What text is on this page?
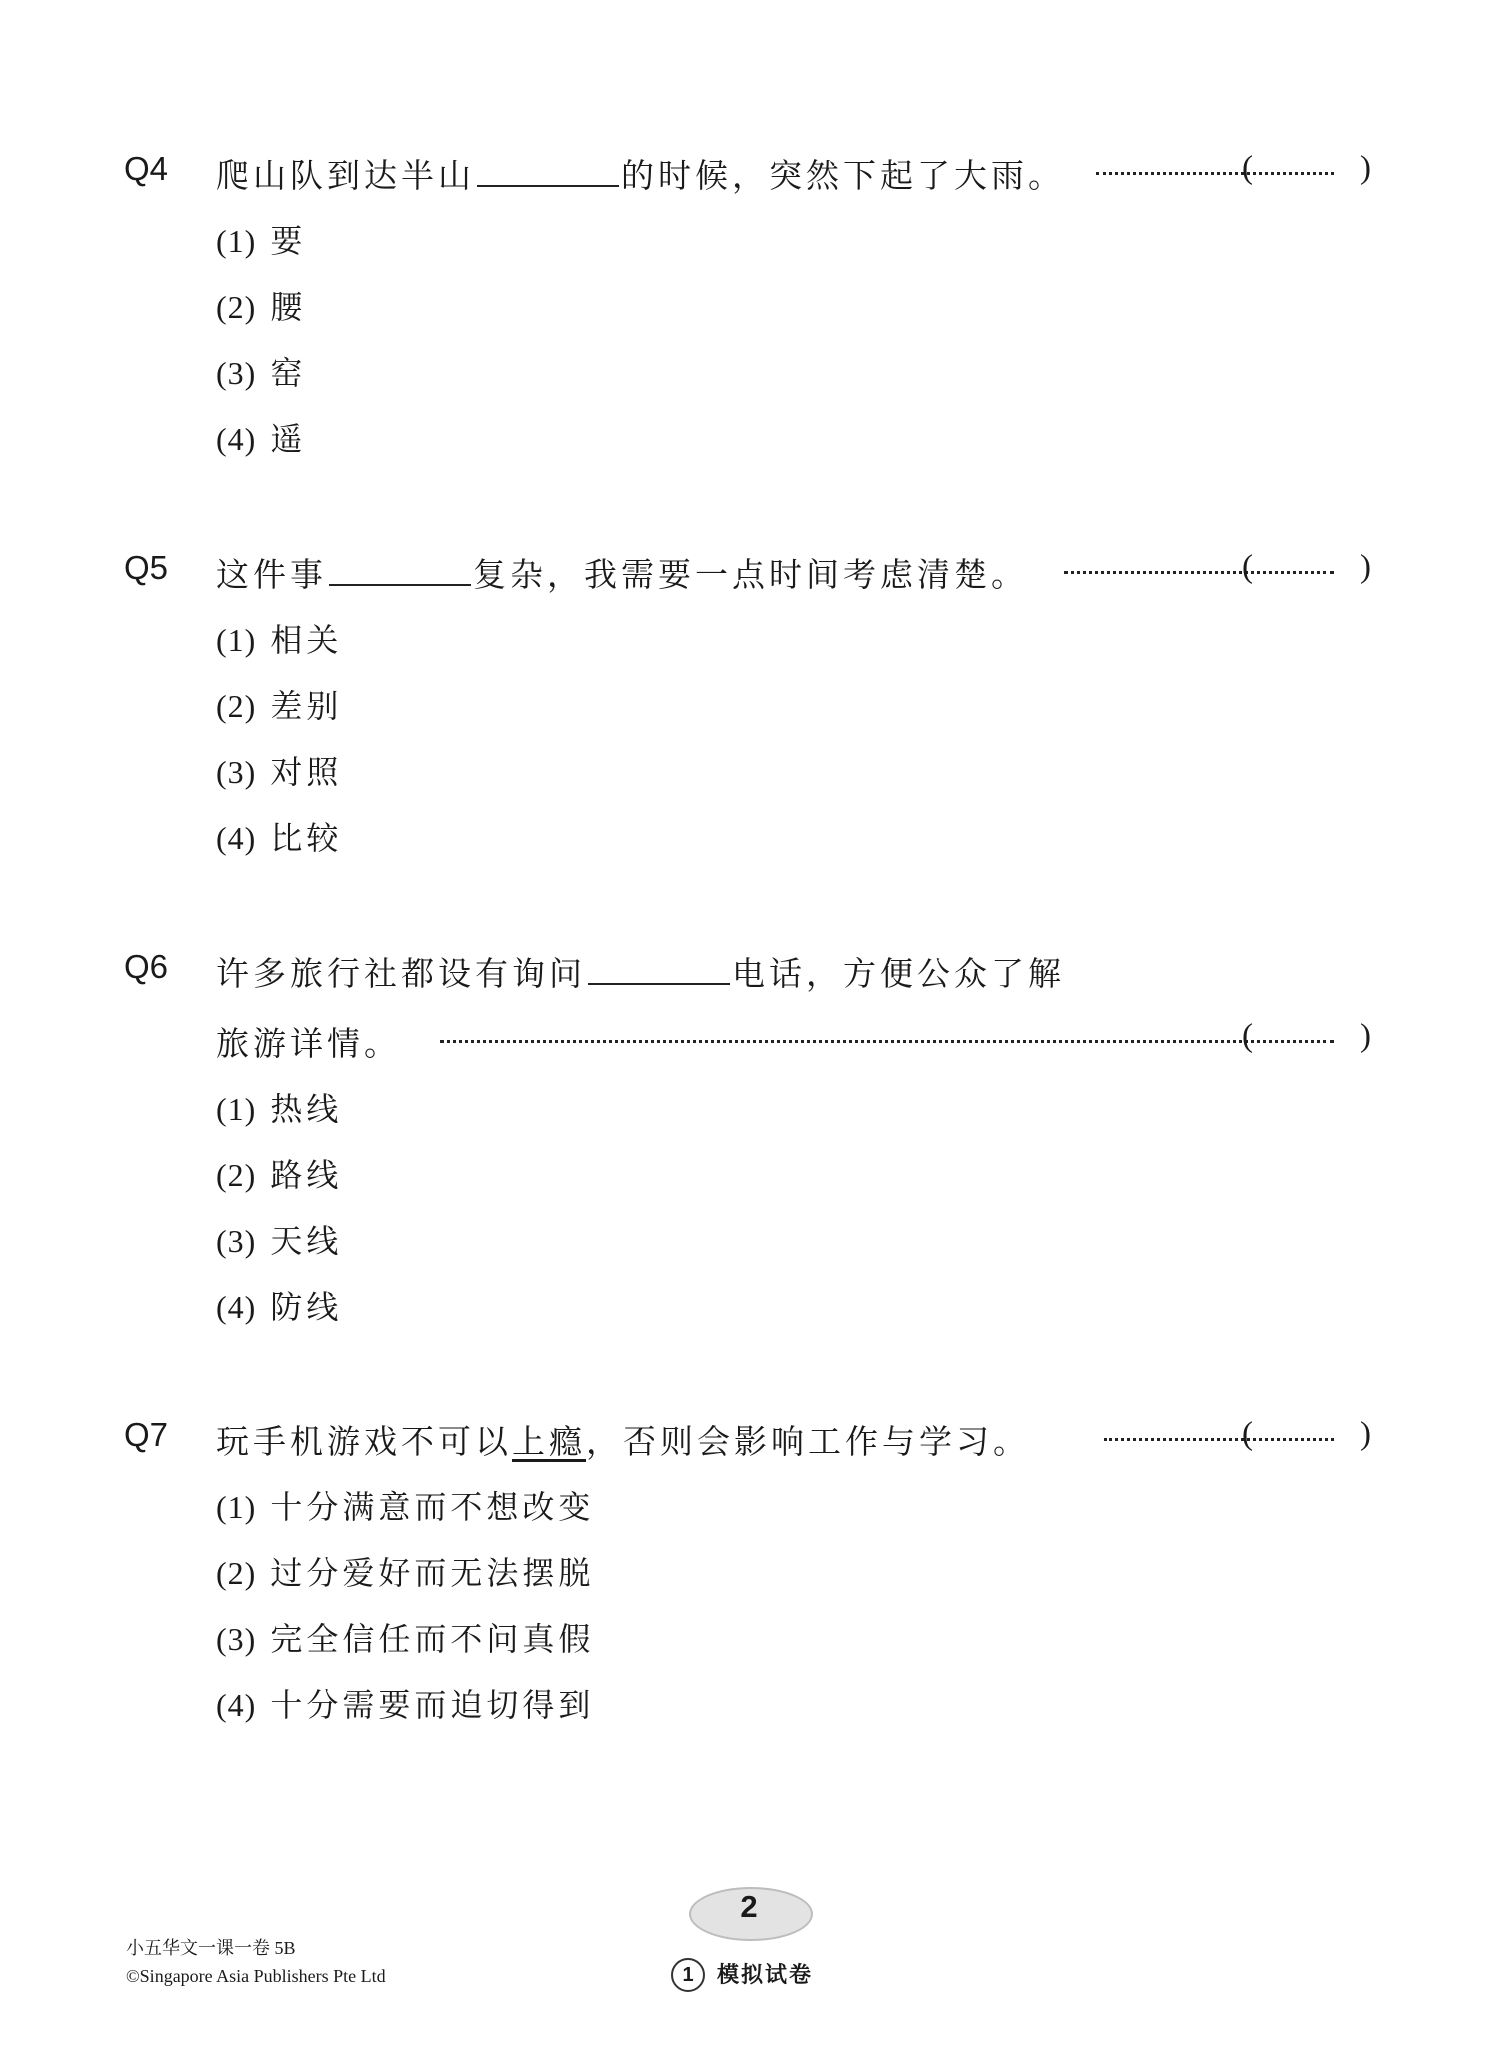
Q4 爬山队到达半山	的时候，突然下起了大雨。	(	)
(1) 要
(2) 腰
(3) 窑
(4) 遥
Q5 这件事	复杂，我需要一点时间考虑清楚。	(	)
(1) 相关
(2) 差别
(3) 对照
(4) 比较
Q6 许多旅行社都设有询问	电话，方便公众了解
旅游详情。	(	)
(1) 热线
(2) 路线
(3) 天线
(4) 防线
Q7 玩手机游戏不可以上瘾，否则会影响工作与学习。	(	)
(1) 十分满意而不想改变
(2) 过分爱好而无法摆脱
(3) 完全信任而不问真假
(4) 十分需要而迫切得到
小五华文一课一卷 5B
©Singapore Asia Publishers Pte Ltd
2
1	模拟试卷
